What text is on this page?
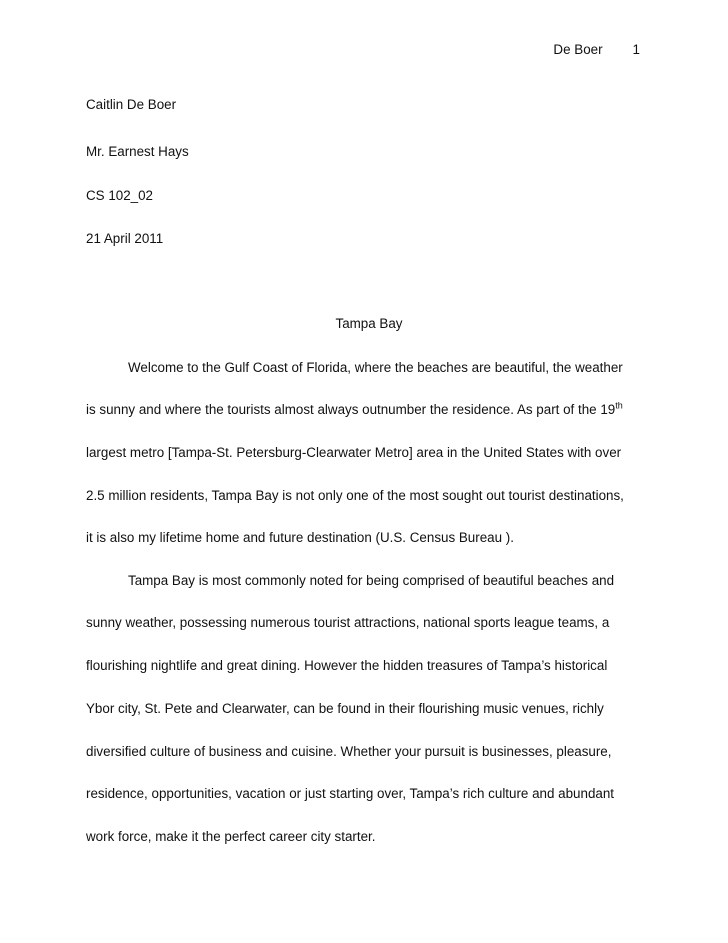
De Boer 1
Caitlin De Boer
Mr. Earnest Hays
CS 102_02
21 April 2011
Tampa Bay
Welcome to the Gulf Coast of Florida, where the beaches are beautiful, the weather
is sunny and where the tourists almost always outnumber the residence. As part of the 19th
largest metro [Tampa-St. Petersburg-Clearwater Metro] area in the United States with over
2.5 million residents, Tampa Bay is not only one of the most sought out tourist destinations,
it is also my lifetime home and future destination (U.S. Census Bureau ).
Tampa Bay is most commonly noted for being comprised of beautiful beaches and
sunny weather, possessing numerous tourist attractions, national sports league teams, a
flourishing nightlife and great dining. However the hidden treasures of Tampa’s historical
Ybor city, St. Pete and Clearwater, can be found in their flourishing music venues, richly
diversified culture of business and cuisine. Whether your pursuit is businesses, pleasure,
residence, opportunities, vacation or just starting over, Tampa’s rich culture and abundant
work force, make it the perfect career city starter.
